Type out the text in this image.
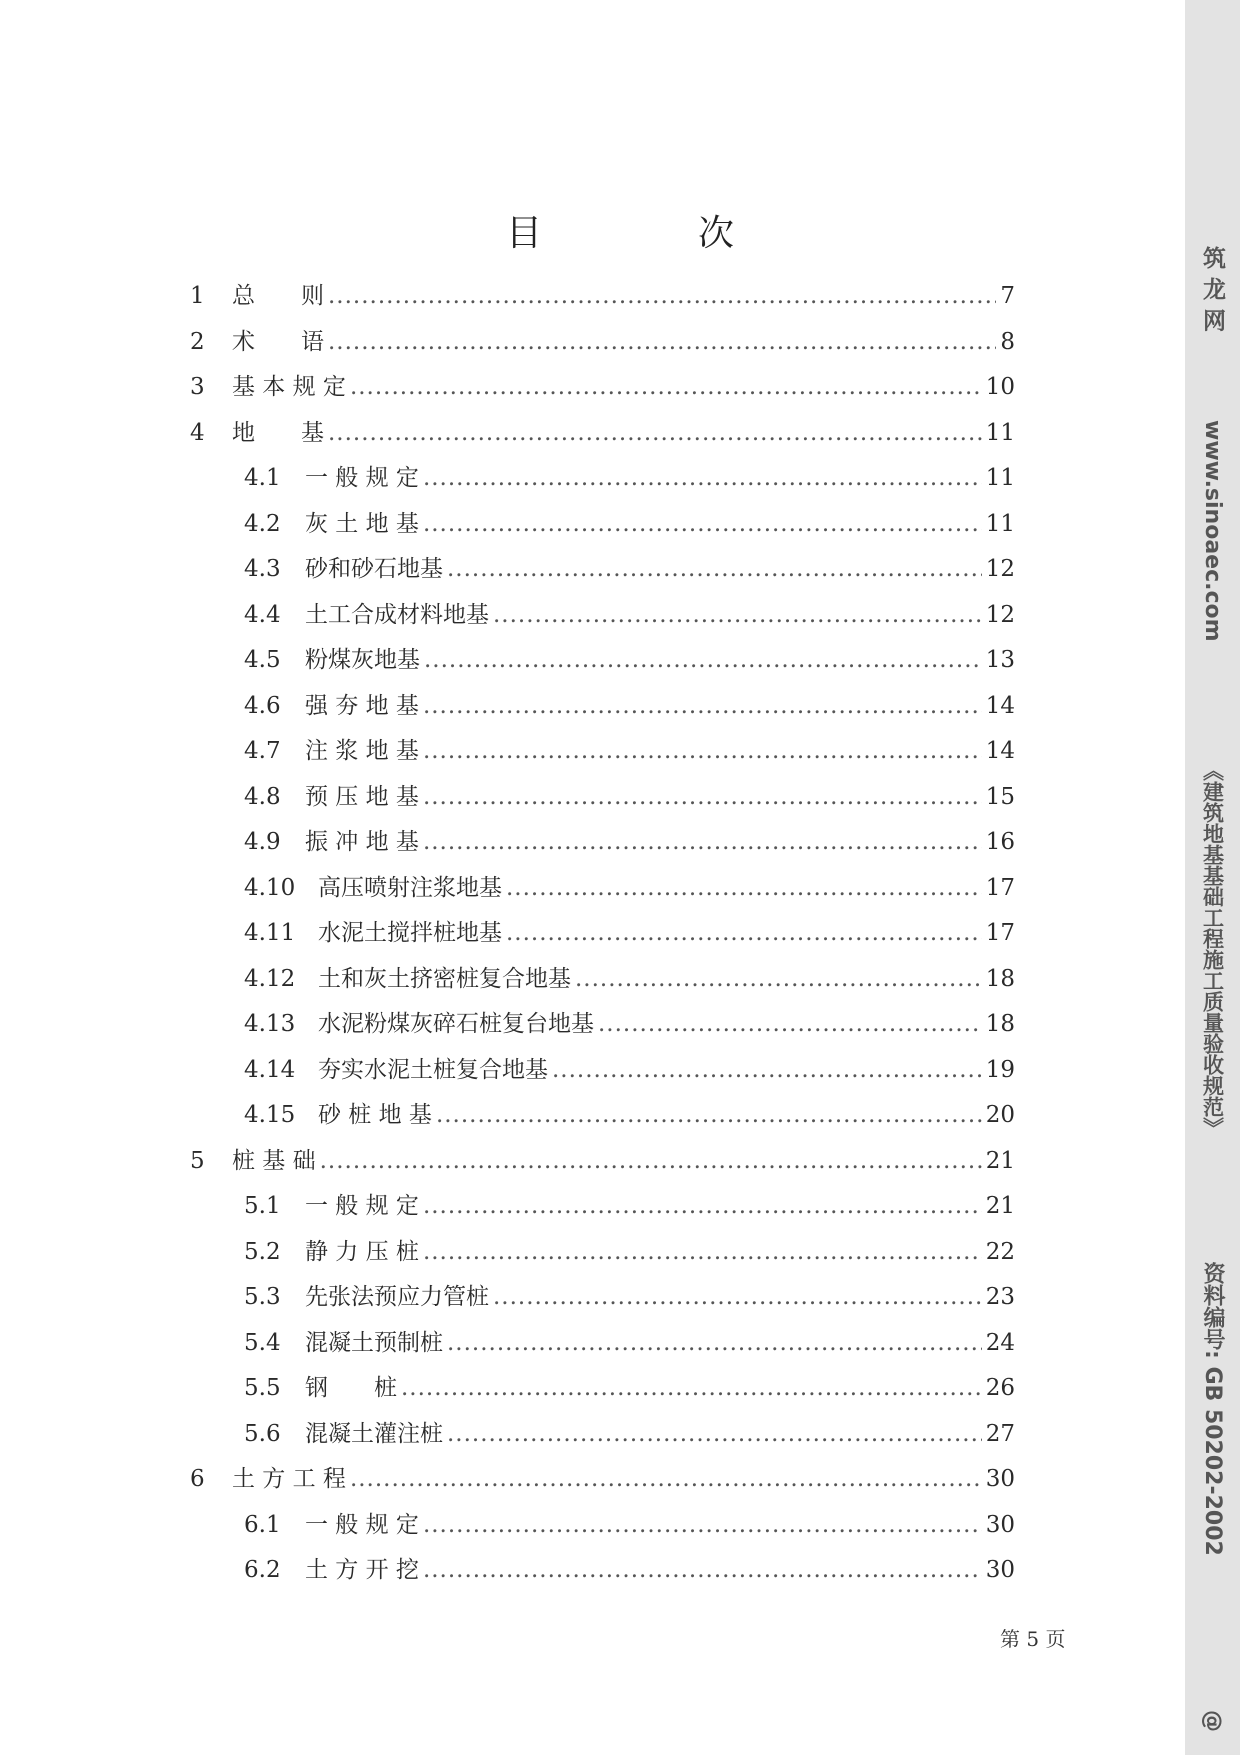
目　次
1	总　　则 .....	7
2	术　　语 .....	8
3	基 本 规 定 .....	10
4	地　　基 .....	11
4.1	一 般 规 定 .....	11
4.2	灰 土 地 基 .....	11
4.3	砂和砂石地基 .....	12
4.4	土工合成材料地基 .....	12
4.5	粉煤灰地基 .....	13
4.6	强 夯 地 基 .....	14
4.7	注 浆 地 基 .....	14
4.8	预 压 地 基 .....	15
4.9	振 冲 地 基 .....	16
4.10 高压喷射注浆地基 .....	17
4.11 水泥土搅拌桩地基 .....	17
4.12 土和灰土挤密桩复合地基 .....	18
4.13 水泥粉煤灰碎石桩复台地基 .....	18
4.14 夯实水泥土桩复合地基 .....	19
4.15 砂 桩 地 基 .....	20
5	桩 基 础 .....	21
5.1	一 般 规 定 .....	21
5.2	静 力 压 桩 .....	22
5.3	先张法预应力管桩 .....	23
5.4	混凝土预制桩 .....	24
5.5	钢　　桩 .....	26
5.6	混凝土灌注桩 .....	27
6	土 方 工 程 .....	30
6.1	一 般 规 定 .....	30
6.2	土 方 开 挖 .....	30
第 5 页
筑 龙 网
www.sinoaec.com
《建筑地基基础工程施工质量验收规范》
资料编号: GB 50202-2002
@
